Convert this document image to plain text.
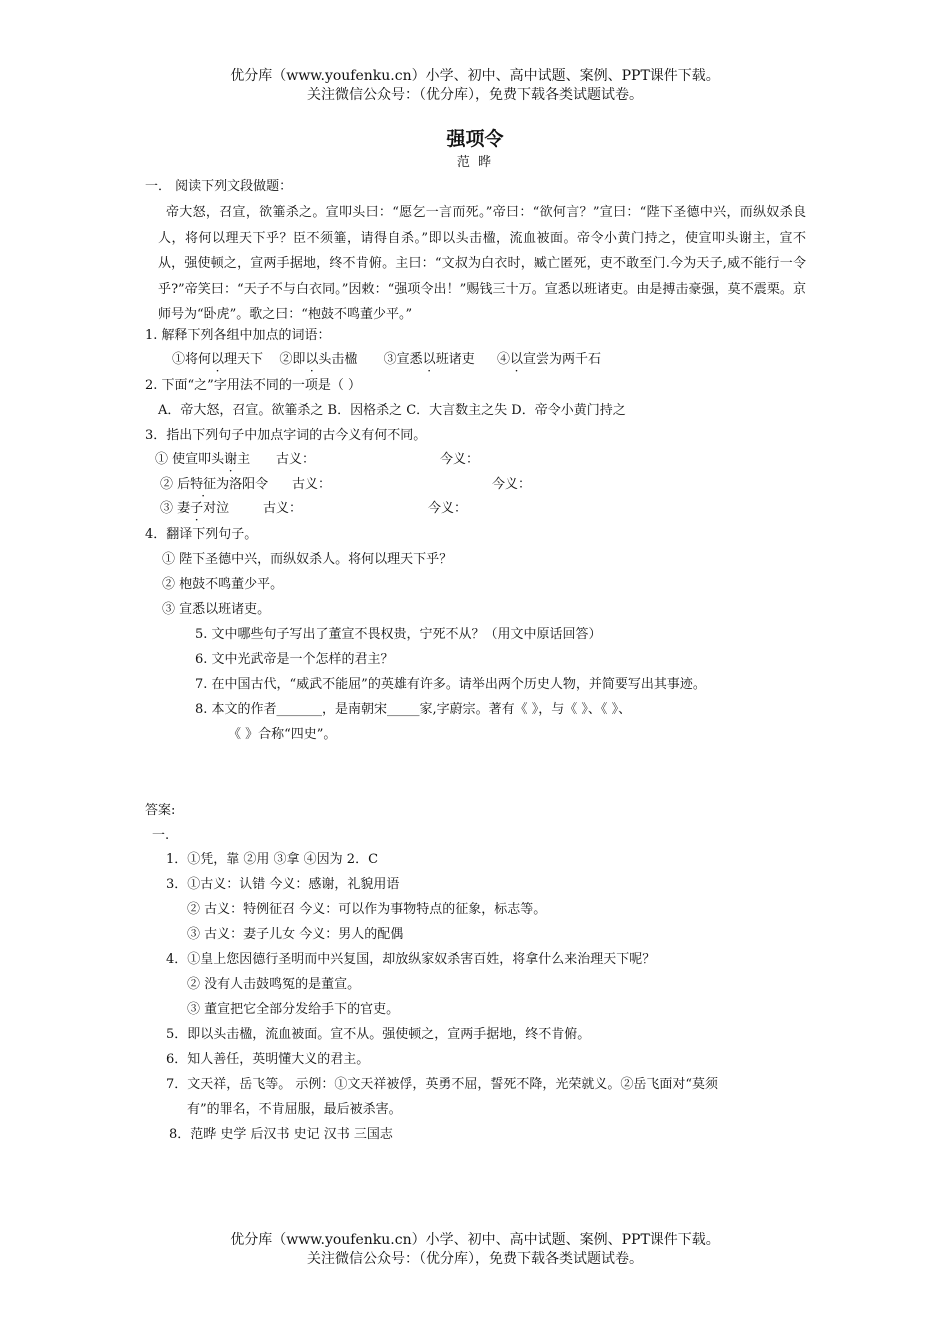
优分库（www.youfenku.cn）小学、初中、高中试题、案例、PPT课件下载。
关注微信公众号：（优分库），免费下载各类试题试卷。
强项令
范 晔
一． 阅读下列文段做题：

帝大怒，召宣，欲箠杀之。宣叩头曰：“愿乞一言而死。”帝曰：“欲何言？”宣曰：“陛下圣德中兴，而纵奴杀良人，将何以理天下乎？臣不须箠，请得自杀。”即以头击楹，流血被面。帝令小黄门持之，使宣叩头谢主，宣不从，强使顿之，宣两手据地，终不肯俯。主曰：“文叔为白衣时，臧亡匿死，吏不敢至门.今为天子,威不能行一令乎?”帝笑曰：“天子不与白衣同。”因敕：“强项令出！”赐钱三十万。宣悉以班诸吏。由是搏击豪强，莫不震栗。京师号为“卧虎”。歌之曰：“枹鼓不鸣董少平。”

1. 解释下列各组中加点的词语：
①将何以理天下 ②即以头击楹 ③宣悉以班诸吏 ④以宣尝为两千石
2. 下面“之”字用法不同的一项是（ ）
A．帝大怒，召宣。欲箠杀之 B．因格杀之 C．大言数主之失 D．帝令小黄门持之
3．指出下列句子中加点字词的古今义有何不同。
① 使宣叩头谢主 古义：	今义：
② 后特征为洛阳令 古义：	今义：
③ 妻子对泣	古义：	今义：
4．翻译下列句子。
① 陛下圣德中兴，而纵奴杀人。将何以理天下乎？
② 枹鼓不鸣董少平。
③ 宣悉以班诸吏。
5. 文中哪些句子写出了董宣不畏权贵，宁死不从？（用文中原话回答）
6. 文中光武帝是一个怎样的君主？
7. 在中国古代，“威武不能屈”的英雄有许多。请举出两个历史人物，并简要写出其事迹。
8. 本文的作者_______，是南朝宋_____家,字蔚宗。著有《 》，与《 》、《 》、
《 》合称“四史”。
答案:
一.
1．①凭，靠 ②用 ③拿 ④因为 2．C
3．①古义：认错 今义：感谢，礼貌用语
② 古义：特例征召 今义：可以作为事物特点的征象，标志等。
③ 古义：妻子儿女 今义：男人的配偶
4．①皇上您因德行圣明而中兴复国，却放纵家奴杀害百姓，将拿什么来治理天下呢？
② 没有人击鼓鸣冤的是董宣。
③ 董宣把它全部分发给手下的官吏。
5．即以头击楹，流血被面。宣不从。强使顿之，宣两手据地，终不肯俯。
6．知人善任，英明懂大义的君主。
7．文天祥，岳飞等。 示例：①文天祥被俘，英勇不屈，誓死不降，光荣就义。②岳飞面对“莫须
有”的罪名，不肯屈服，最后被杀害。
8．范晔 史学 后汉书 史记 汉书 三国志
优分库（www.youfenku.cn）小学、初中、高中试题、案例、PPT课件下载。
关注微信公众号：（优分库），免费下载各类试题试卷。
